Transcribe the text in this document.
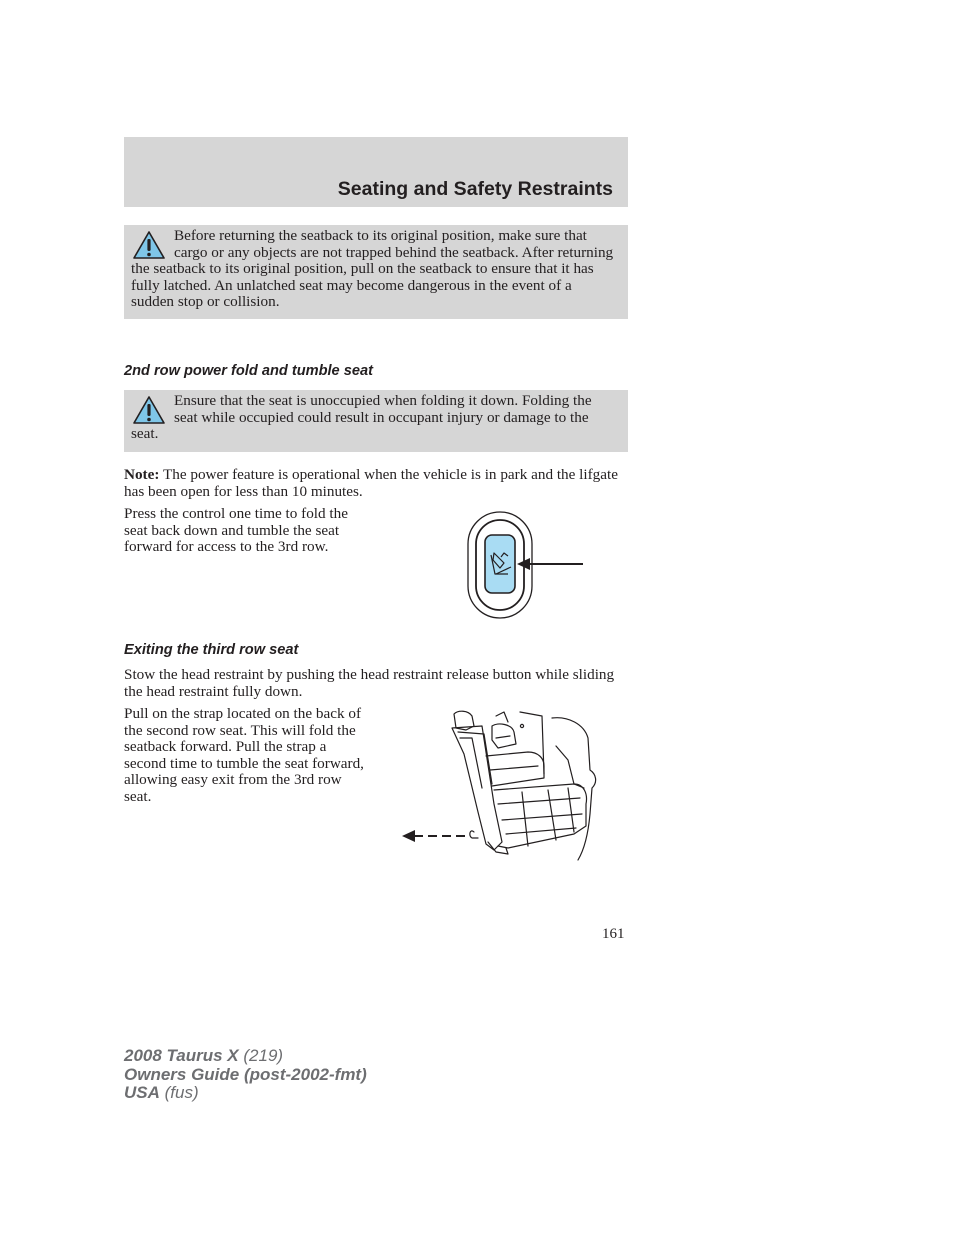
Seating and Safety Restraints
Before returning the seatback to its original position, make sure that cargo or any objects are not trapped behind the seatback. After returning the seatback to its original position, pull on the seatback to ensure that it has fully latched. An unlatched seat may become dangerous in the event of a sudden stop or collision.
2nd row power fold and tumble seat
Ensure that the seat is unoccupied when folding it down. Folding the seat while occupied could result in occupant injury or damage to the seat.
Note: The power feature is operational when the vehicle is in park and the lifgate has been open for less than 10 minutes.
Press the control one time to fold the seat back down and tumble the seat forward for access to the 3rd row.
Exiting the third row seat
Stow the head restraint by pushing the head restraint release button while sliding the head restraint fully down.
Pull on the strap located on the back of the second row seat. This will fold the seatback forward. Pull the strap a second time to tumble the seat forward, allowing easy exit from the 3rd row seat.
161
2008 Taurus X (219)
Owners Guide (post-2002-fmt)
USA (fus)
